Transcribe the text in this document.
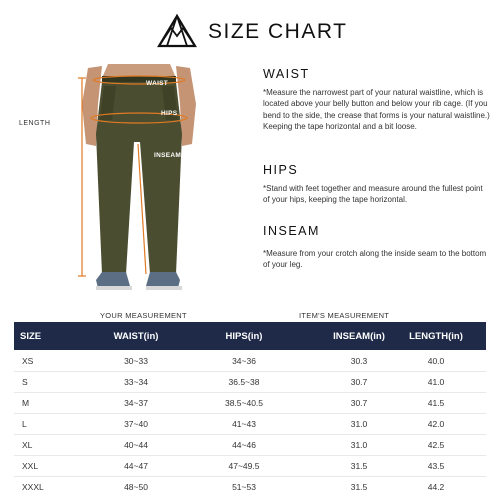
SIZE CHART
LENGTH
WAIST
HIPS
INSEAM
WAIST
*Measure the narrowest part of your natural waistline, which is located above your belly button and below your rib cage. (If you bend to the side, the crease that forms is your natural waistline.) Keeping the tape horizontal and a bit loose.
HIPS
*Stand with feet together and measure around the fullest point of your hips, keeping the tape horizontal.
INSEAM
*Measure from your crotch along the inside seam to the bottom of your leg.
YOUR MEASUREMENT	ITEM'S MEASUREMENT
SIZE	WAIST(in)	HIPS(in)	INSEAM(in)	LENGTH(in)
XS	30~33	34~36	30.3	40.0
S	33~34	36.5~38	30.7	41.0
M	34~37	38.5~40.5	30.7	41.5
L	37~40	41~43	31.0	42.0
XL	40~44	44~46	31.0	42.5
XXL	44~47	47~49.5	31.5	43.5
XXXL	48~50	51~53	31.5	44.2
